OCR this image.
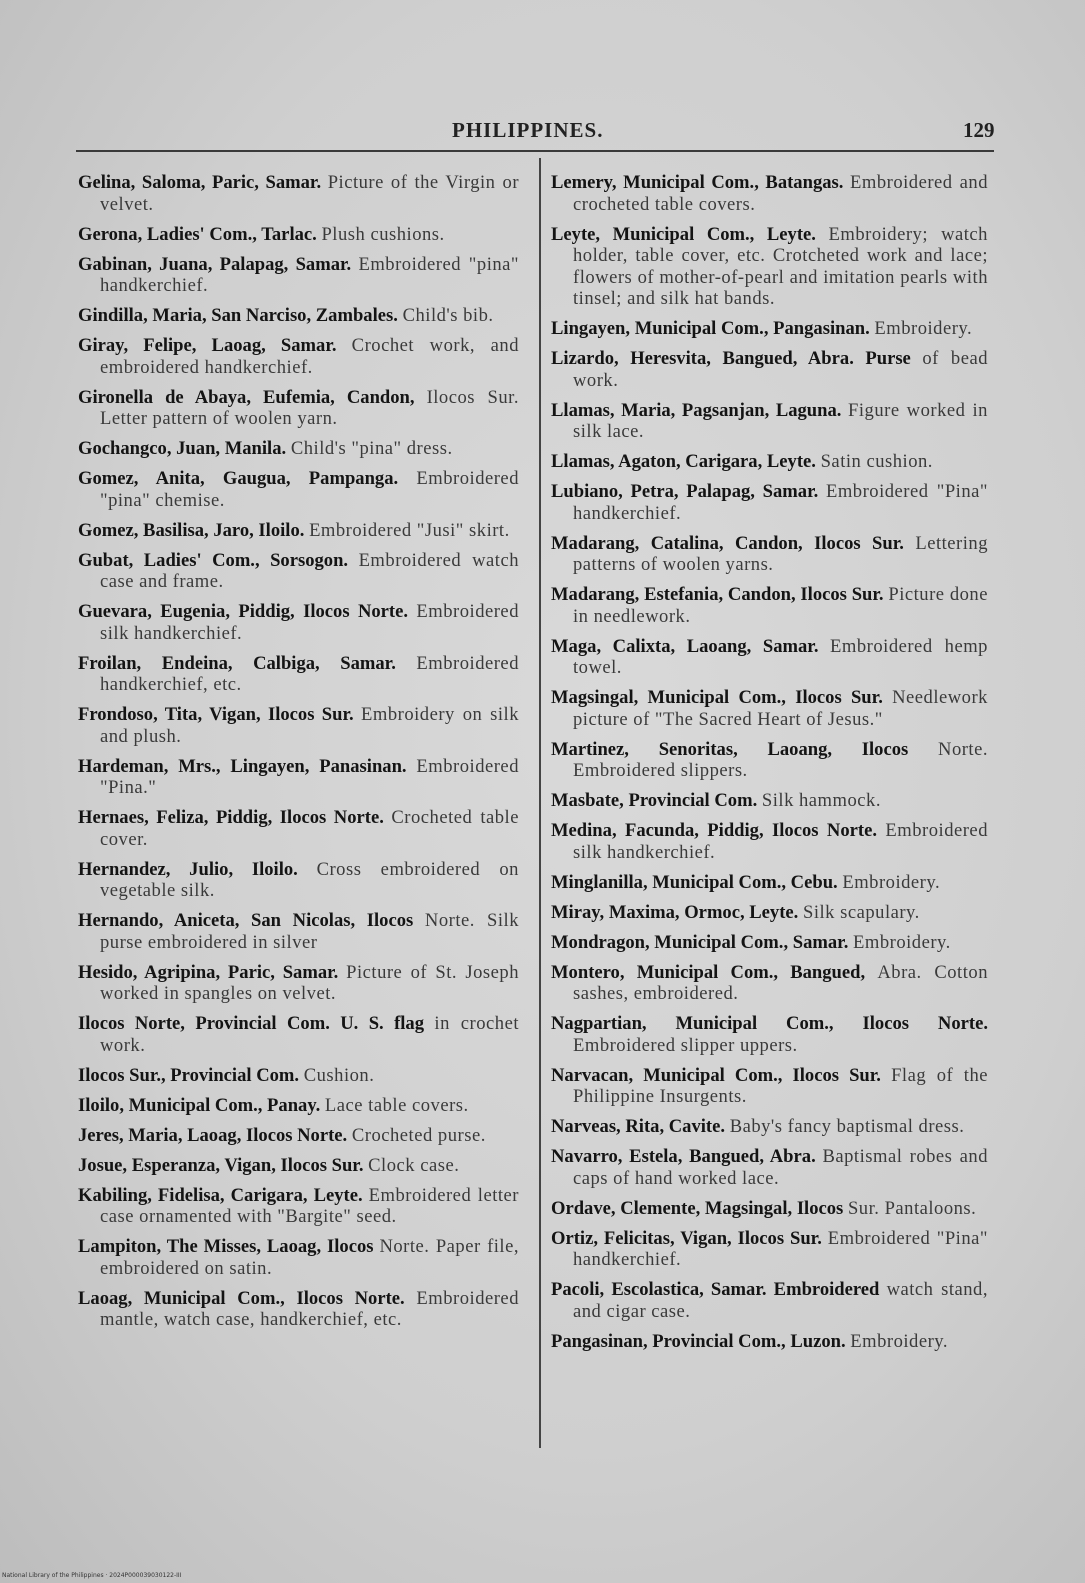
PHILIPPINES.	129

Gelina, Saloma, Paric, Samar. Picture of the Virgin or velvet.

Gerona, Ladies' Com., Tarlac. Plush cushions.

Gabinan, Juana, Palapag, Samar. Embroidered "pina" handkerchief.

Gindilla, Maria, San Narciso, Zambales. Child's bib.

Giray, Felipe, Laoag, Samar. Crochet work, and embroidered handkerchief.

Gironella de Abaya, Eufemia, Candon, Ilocos Sur. Letter pattern of woolen yarn.

Gochangco, Juan, Manila. Child's "pina" dress.

Gomez, Anita, Gaugua, Pampanga. Embroidered "pina" chemise.

Gomez, Basilisa, Jaro, Iloilo. Embroidered "Jusi" skirt.

Gubat, Ladies' Com., Sorsogon. Embroidered watch case and frame.

Guevara, Eugenia, Piddig, Ilocos Norte. Embroidered silk handkerchief.

Froilan, Endeina, Calbiga, Samar. Embroidered handkerchief, etc.

Frondoso, Tita, Vigan, Ilocos Sur. Embroidery on silk and plush.

Hardeman, Mrs., Lingayen, Panasinan. Embroidered "Pina."

Hernaes, Feliza, Piddig, Ilocos Norte. Crocheted table cover.

Hernandez, Julio, Iloilo. Cross embroidered on vegetable silk.

Hernando, Aniceta, San Nicolas, Ilocos Norte. Silk purse embroidered in silver

Hesido, Agripina, Paric, Samar. Picture of St. Joseph worked in spangles on velvet.

Ilocos Norte, Provincial Com. U. S. flag in crochet work.

Ilocos Sur., Provincial Com. Cushion.

Iloilo, Municipal Com., Panay. Lace table covers.

Jeres, Maria, Laoag, Ilocos Norte. Crocheted purse.

Josue, Esperanza, Vigan, Ilocos Sur. Clock case.

Kabiling, Fidelisa, Carigara, Leyte. Embroidered letter case ornamented with "Bargite" seed.

Lampiton, The Misses, Laoag, Ilocos Norte. Paper file, embroidered on satin.

Laoag, Municipal Com., Ilocos Norte. Embroidered mantle, watch case, handkerchief, etc.

Lemery, Municipal Com., Batangas. Embroidered and crocheted table covers.

Leyte, Municipal Com., Leyte. Embroidery; watch holder, table cover, etc. Crotcheted work and lace; flowers of mother-of-pearl and imitation pearls with tinsel; and silk hat bands.

Lingayen, Municipal Com., Pangasinan. Embroidery.

Lizardo, Heresvita, Bangued, Abra. Purse of bead work.

Llamas, Maria, Pagsanjan, Laguna. Figure worked in silk lace.

Llamas, Agaton, Carigara, Leyte. Satin cushion.

Lubiano, Petra, Palapag, Samar. Embroidered "Pina" handkerchief.

Madarang, Catalina, Candon, Ilocos Sur. Lettering patterns of woolen yarns.

Madarang, Estefania, Candon, Ilocos Sur. Picture done in needlework.

Maga, Calixta, Laoang, Samar. Embroidered hemp towel.

Magsingal, Municipal Com., Ilocos Sur. Needlework picture of "The Sacred Heart of Jesus."

Martinez, Senoritas, Laoang, Ilocos Norte. Embroidered slippers.

Masbate, Provincial Com. Silk hammock.

Medina, Facunda, Piddig, Ilocos Norte. Embroidered silk handkerchief.

Minglanilla, Municipal Com., Cebu. Embroidery.

Miray, Maxima, Ormoc, Leyte. Silk scapulary.

Mondragon, Municipal Com., Samar. Embroidery.

Montero, Municipal Com., Bangued, Abra. Cotton sashes, embroidered.

Nagpartian, Municipal Com., Ilocos Norte. Embroidered slipper uppers.

Narvacan, Municipal Com., Ilocos Sur. Flag of the Philippine Insurgents.

Narveas, Rita, Cavite. Baby's fancy baptismal dress.

Navarro, Estela, Bangued, Abra. Baptismal robes and caps of hand worked lace.

Ordave, Clemente, Magsingal, Ilocos Sur. Pantaloons.

Ortiz, Felicitas, Vigan, Ilocos Sur. Embroidered "Pina" handkerchief.

Pacoli, Escolastica, Samar. Embroidered watch stand, and cigar case.

Pangasinan, Provincial Com., Luzon. Embroidery.

National Library of the Philippines · 2024P000039030122-III
